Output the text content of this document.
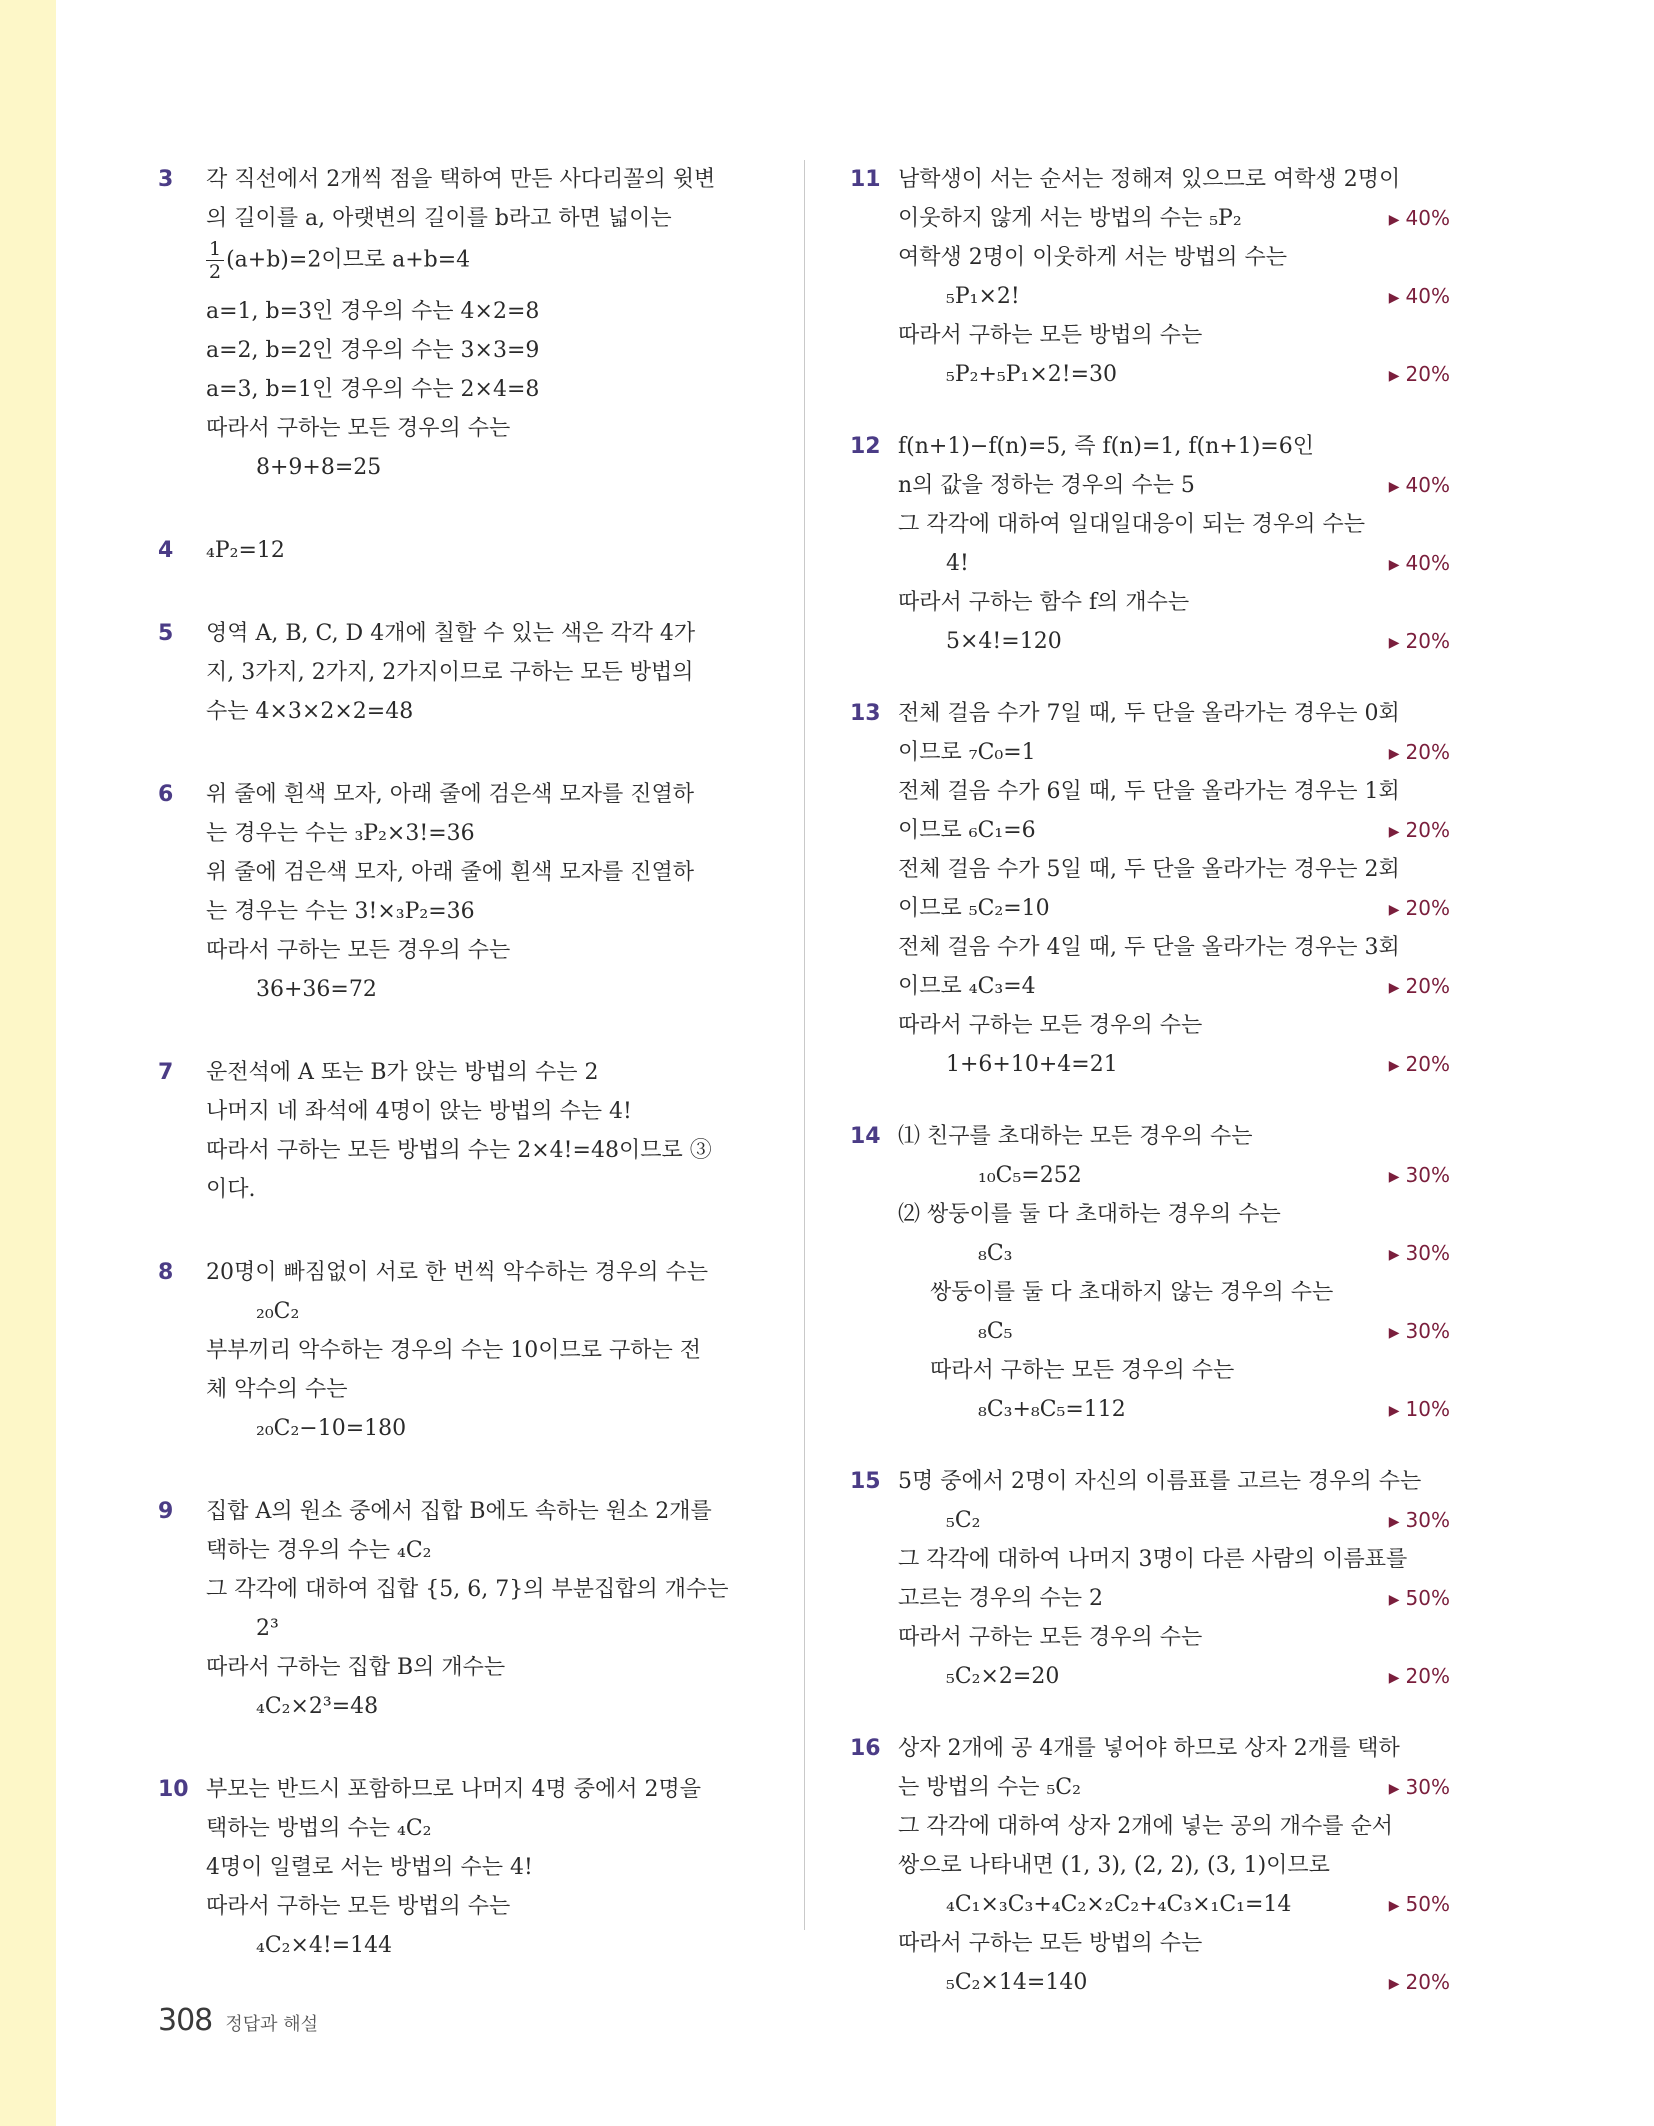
3 각 직선에서 2개씩 점을 택하여 만든 사다리꼴의 윗변
의 길이를 a, 아랫변의 길이를 b라고 하면 넓이는
$\frac{1}{2} (a+b)=2$이므로 a+b=4
a=1, b=3인 경우의 수는 4×2=8
a=2, b=2인 경우의 수는 3×3=9
a=3, b=1인 경우의 수는 2×4=8
따라서 구하는 모든 경우의 수는
8+9+8=25
4 ₄P₂=12
5 영역 A, B, C, D 4개에 칠할 수 있는 색은 각각 4가
지, 3가지, 2가지, 2가지이므로 구하는 모든 방법의
수는 4×3×2×2=48
6 위 줄에 흰색 모자, 아래 줄에 검은색 모자를 진열하
는 경우는 수는 ₃P₂×3!=36
위 줄에 검은색 모자, 아래 줄에 흰색 모자를 진열하
는 경우는 수는 3!×₃P₂=36
따라서 구하는 모든 경우의 수는
36+36=72
7 운전석에 A 또는 B가 앉는 방법의 수는 2
나머지 네 좌석에 4명이 앉는 방법의 수는 4!
따라서 구하는 모든 방법의 수는 2×4!=48이므로 ③
이다.
8 20명이 빠짐없이 서로 한 번씩 악수하는 경우의 수는
₂₀C₂
부부끼리 악수하는 경우의 수는 10이므로 구하는 전
체 악수의 수는
₂₀C₂−10=180
9 집합 A의 원소 중에서 집합 B에도 속하는 원소 2개를
택하는 경우의 수는 ₄C₂
그 각각에 대하여 집합 {5, 6, 7}의 부분집합의 개수는
2³
따라서 구하는 집합 B의 개수는
₄C₂×2³=48
10 부모는 반드시 포함하므로 나머지 4명 중에서 2명을
택하는 방법의 수는 ₄C₂
4명이 일렬로 서는 방법의 수는 4!
따라서 구하는 모든 방법의 수는
₄C₂×4!=144
11 남학생이 서는 순서는 정해져 있으므로 여학생 2명이
이웃하지 않게 서는 방법의 수는 ₅P₂	▶ 40%
여학생 2명이 이웃하게 서는 방법의 수는
₅P₁×2!	▶ 40%
따라서 구하는 모든 방법의 수는
₅P₂+₅P₁×2!=30	▶ 20%
12 f(n+1)−f(n)=5, 즉 f(n)=1, f(n+1)=6인
n의 값을 정하는 경우의 수는 5	▶ 40%
그 각각에 대하여 일대일대응이 되는 경우의 수는
4!	▶ 40%
따라서 구하는 함수 f의 개수는
5×4!=120	▶ 20%
13 전체 걸음 수가 7일 때, 두 단을 올라가는 경우는 0회
이므로 ₇C₀=1	▶ 20%
전체 걸음 수가 6일 때, 두 단을 올라가는 경우는 1회
이므로 ₆C₁=6	▶ 20%
전체 걸음 수가 5일 때, 두 단을 올라가는 경우는 2회
이므로 ₅C₂=10	▶ 20%
전체 걸음 수가 4일 때, 두 단을 올라가는 경우는 3회
이므로 ₄C₃=4	▶ 20%
따라서 구하는 모든 경우의 수는
1+6+10+4=21	▶ 20%
14 ⑴ 친구를 초대하는 모든 경우의 수는
₁₀C₅=252	▶ 30%
⑵ 쌍둥이를 둘 다 초대하는 경우의 수는
₈C₃	▶ 30%
쌍둥이를 둘 다 초대하지 않는 경우의 수는
₈C₅	▶ 30%
따라서 구하는 모든 경우의 수는
₈C₃+₈C₅=112	▶ 10%
15 5명 중에서 2명이 자신의 이름표를 고르는 경우의 수는
₅C₂	▶ 30%
그 각각에 대하여 나머지 3명이 다른 사람의 이름표를
고르는 경우의 수는 2	▶ 50%
따라서 구하는 모든 경우의 수는
₅C₂×2=20	▶ 20%
16 상자 2개에 공 4개를 넣어야 하므로 상자 2개를 택하
는 방법의 수는 ₅C₂	▶ 30%
그 각각에 대하여 상자 2개에 넣는 공의 개수를 순서
쌍으로 나타내면 (1, 3), (2, 2), (3, 1)이므로
₄C₁×₃C₃+₄C₂×₂C₂+₄C₃×₁C₁=14	▶ 50%
따라서 구하는 모든 방법의 수는
₅C₂×14=140	▶ 20%
308 정답과 해설
